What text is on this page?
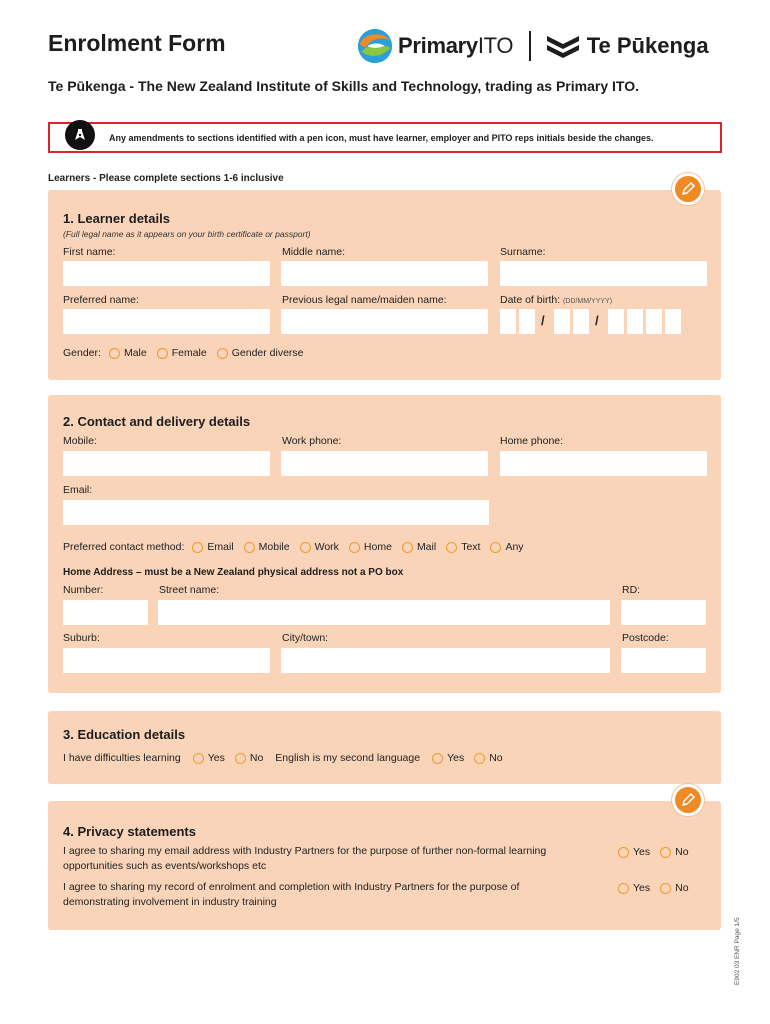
Enrolment Form	PrimaryITO	Te Pūkenga
Te Pūkenga - The New Zealand Institute of Skills and Technology, trading as Primary ITO.
Any amendments to sections identified with a pen icon, must have learner, employer and PITO reps initials beside the changes.
Learners - Please complete sections 1-6 inclusive
1. Learner details
(Full legal name as it appears on your birth certificate or passport)
First name:	Middle name:	Surname:
Preferred name:	Previous legal name/maiden name:	Date of birth: (DD/MM/YYYY)
/	/
Gender: Male Female Gender diverse
2. Contact and delivery details
Mobile:	Work phone:	Home phone:
Email:
Preferred contact method: Email Mobile Work Home Mail Text Any
Home Address – must be a New Zealand physical address not a PO box
Number:	Street name:	RD:
Suburb:	City/town:	Postcode:
3. Education details
I have difficulties learning	Yes No English is my second language	Yes No
4. Privacy statements
I agree to sharing my email address with Industry Partners for the purpose of further non-formal learning opportunities such as events/workshops etc
Yes No
I agree to sharing my record of enrolment and completion with Industry Partners for the purpose of demonstrating involvement in industry training
Yes No
E902 03 ENR Page 1/5
